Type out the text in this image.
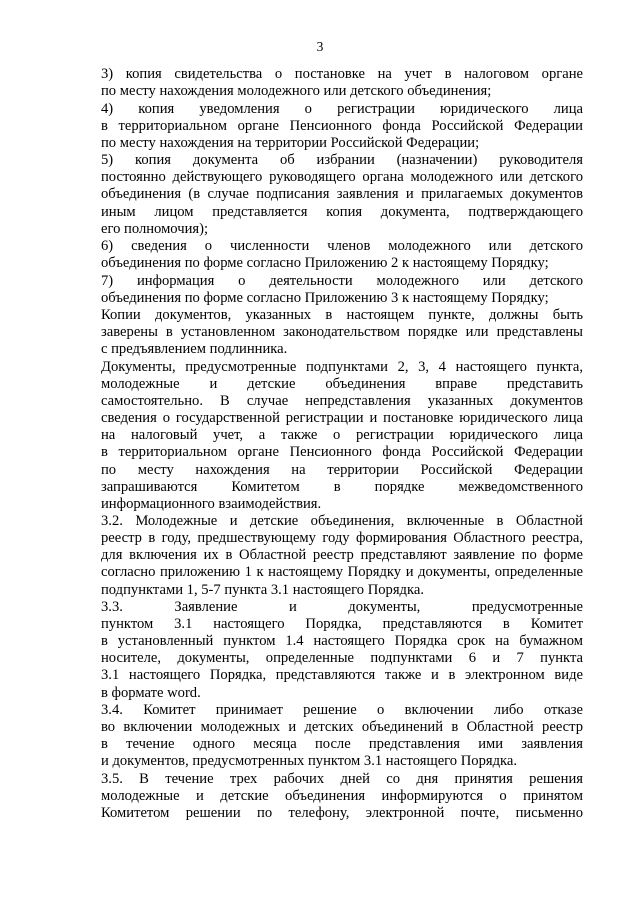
3
3) копия свидетельства о постановке на учет в налоговом органе
по месту нахождения молодежного или детского объединения;
4) копия уведомления о регистрации юридического лица
в территориальном органе Пенсионного фонда Российской Федерации
по месту нахождения на территории Российской Федерации;
5) копия документа об избрании (назначении) руководителя
постоянно действующего руководящего органа молодежного или детского
объединения (в случае подписания заявления и прилагаемых документов
иным лицом представляется копия документа, подтверждающего
его полномочия);
6) сведения о численности членов молодежного или детского
объединения по форме согласно Приложению 2 к настоящему Порядку;
7) информация о деятельности молодежного или детского
объединения по форме согласно Приложению 3 к настоящему Порядку;
Копии документов, указанных в настоящем пункте, должны быть
заверены в установленном законодательством порядке или представлены
с предъявлением подлинника.
Документы, предусмотренные подпунктами 2, 3, 4 настоящего пункта,
молодежные и детские объединения вправе представить
самостоятельно. В случае непредставления указанных документов
сведения о государственной регистрации и постановке юридического лица
на налоговый учет, а также о регистрации юридического лица
в территориальном органе Пенсионного фонда Российской Федерации
по месту нахождения на территории Российской Федерации
запрашиваются Комитетом в порядке межведомственного
информационного взаимодействия.
3.2. Молодежные и детские объединения, включенные в Областной
реестр в году, предшествующему году формирования Областного реестра,
для включения их в Областной реестр представляют заявление по форме
согласно приложению 1 к настоящему Порядку и документы, определенные
подпунктами 1, 5-7 пункта 3.1 настоящего Порядка.
3.3. Заявление и документы, предусмотренные
пунктом 3.1 настоящего Порядка, представляются в Комитет
в установленный пунктом 1.4 настоящего Порядка срок на бумажном
носителе, документы, определенные подпунктами 6 и 7 пункта
3.1 настоящего Порядка, представляются также и в электронном виде
в формате word.
3.4. Комитет принимает решение о включении либо отказе
во включении молодежных и детских объединений в Областной реестр
в течение одного месяца после представления ими заявления
и документов, предусмотренных пунктом 3.1 настоящего Порядка.
3.5. В течение трех рабочих дней со дня принятия решения
молодежные и детские объединения информируются о принятом
Комитетом решении по телефону, электронной почте, письменно
